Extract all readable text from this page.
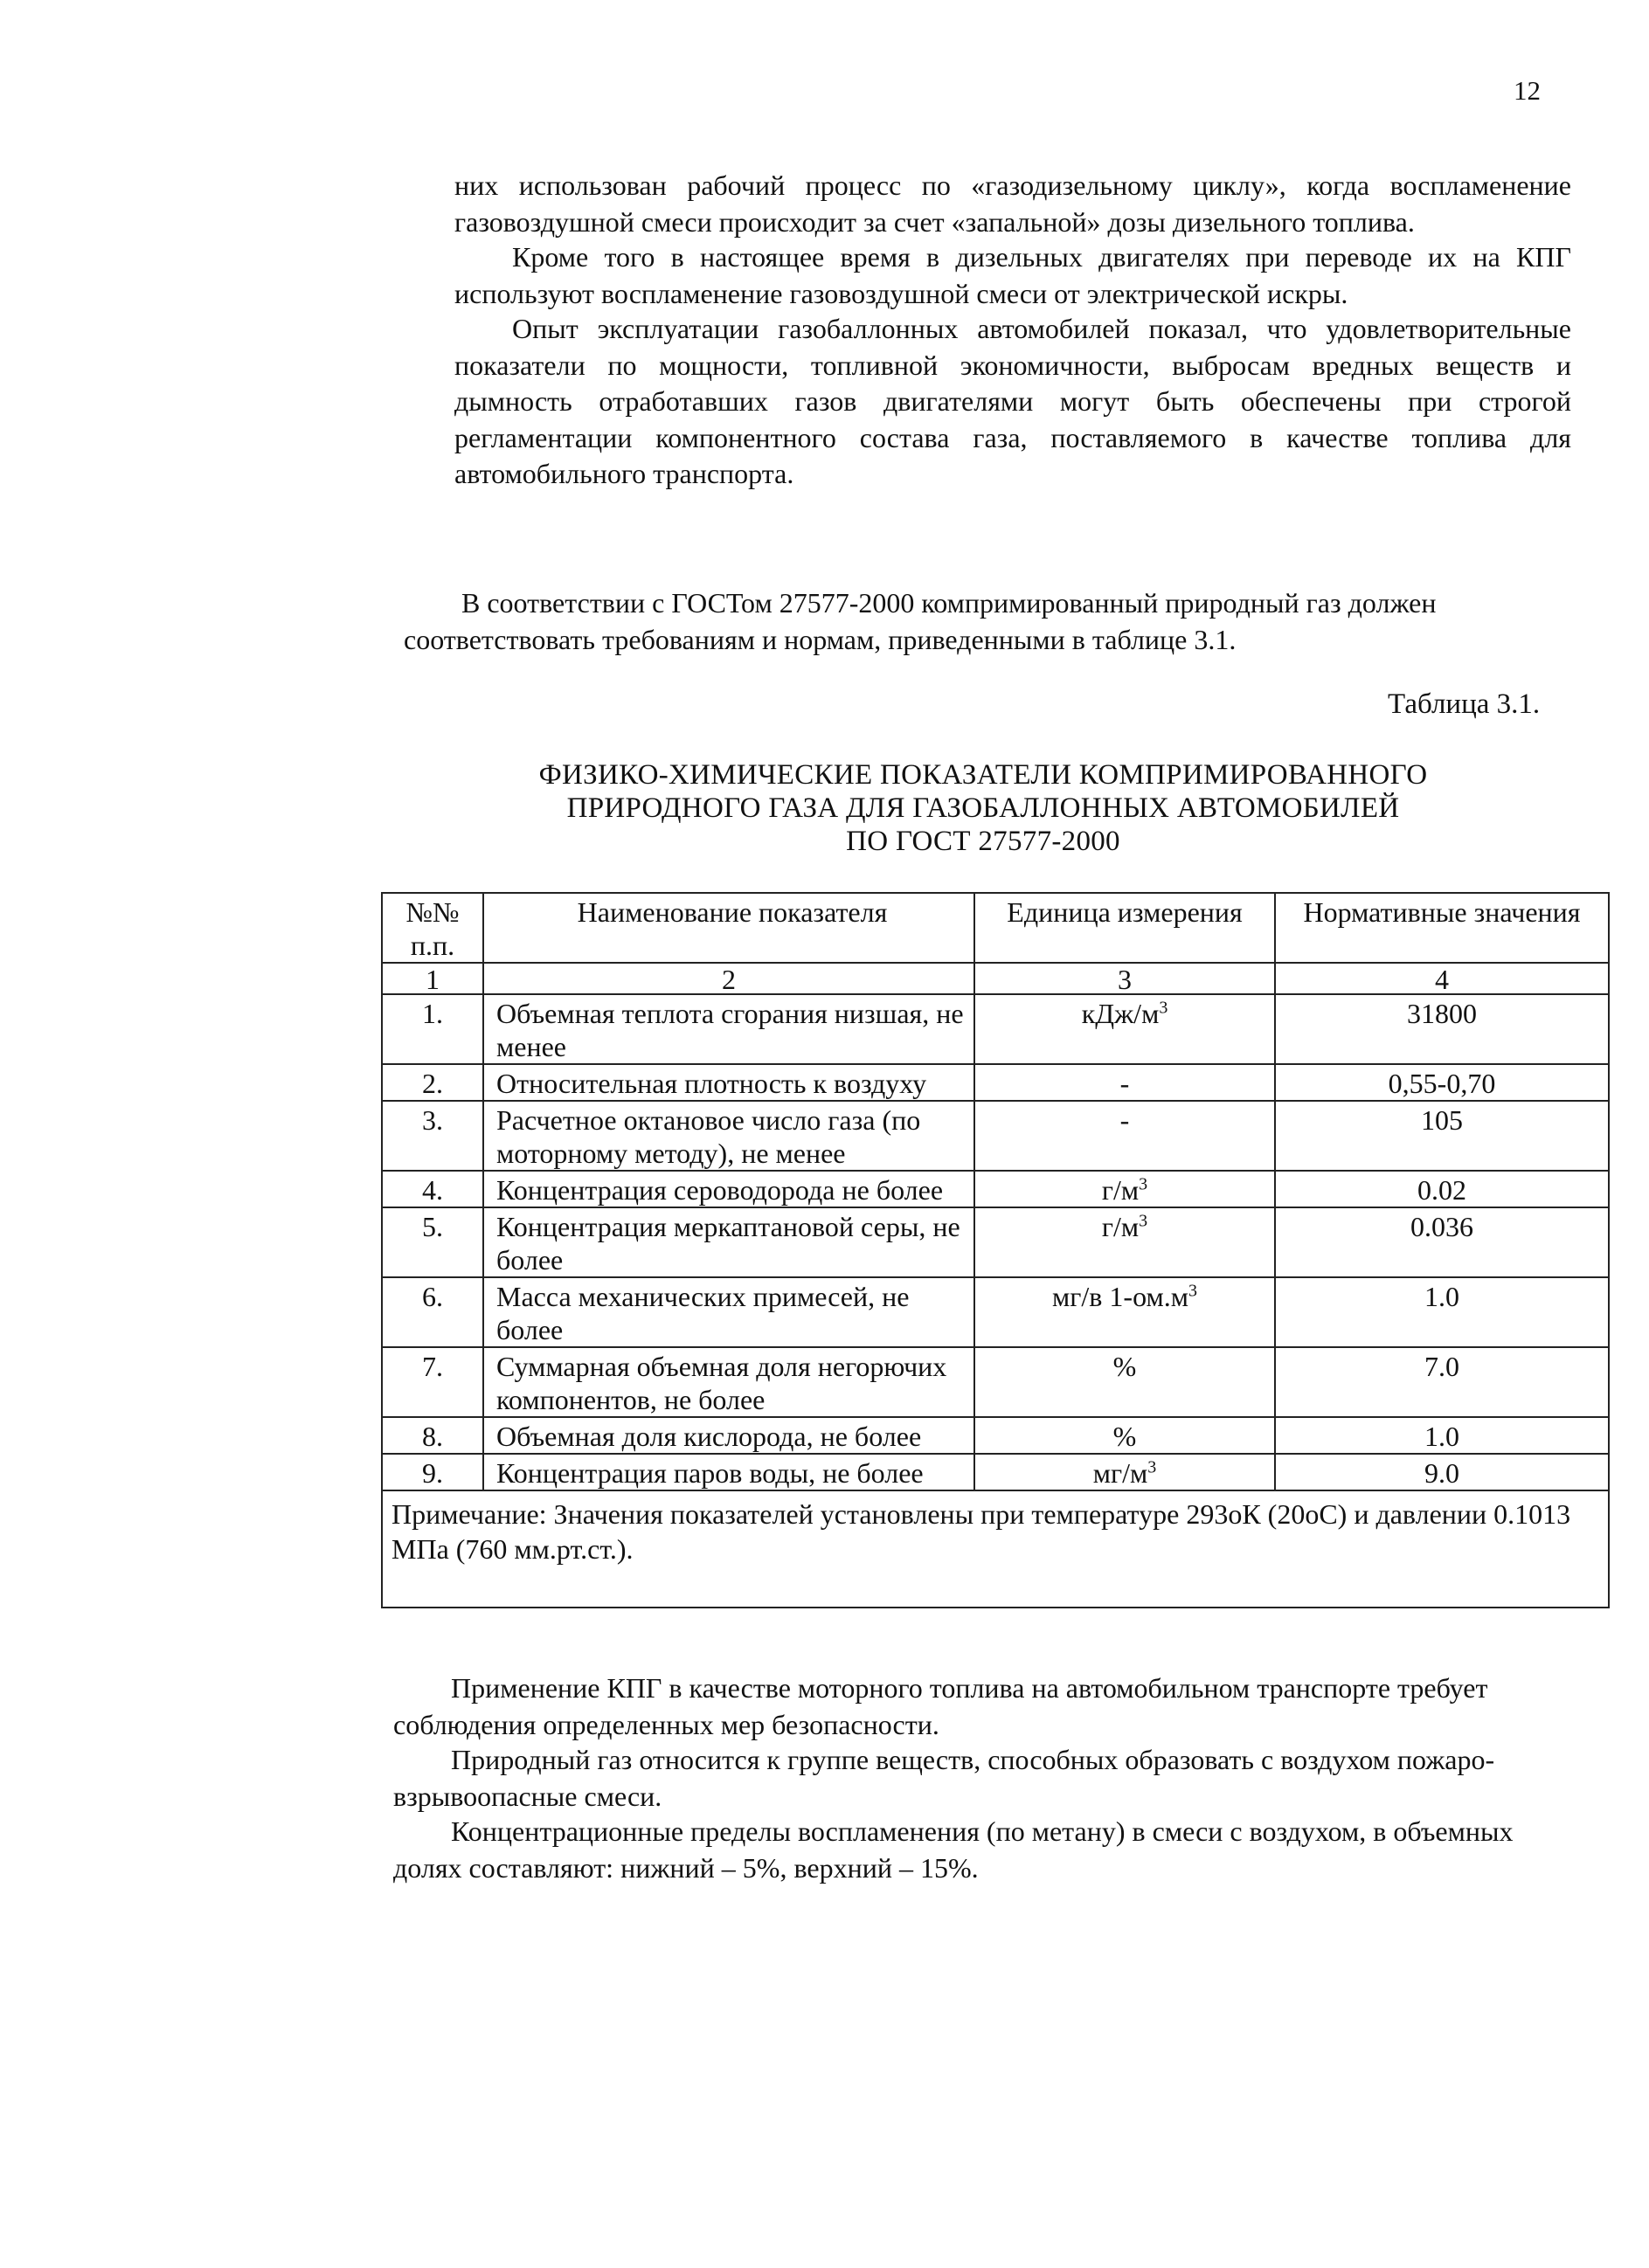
12

них использован рабочий процесс по «газодизельному циклу», когда воспламенение газовоздушной смеси происходит за счет «запальной» дозы дизельного топлива.

Кроме того в настоящее время в дизельных двигателях при переводе их на КПГ используют воспламенение газовоздушной смеси от электрической искры.

Опыт эксплуатации газобаллонных автомобилей показал, что удовлетворительные показатели по мощности, топливной экономичности, выбросам вредных веществ и дымность отработавших газов двигателями могут быть обеспечены при строгой регламентации компонентного состава газа, поставляемого в качестве топлива для автомобильного транспорта.

В соответствии с ГОСТом 27577-2000 компримированный природный газ должен соответствовать требованиям и нормам, приведенными в таблице 3.1.

Таблица 3.1.
ФИЗИКО-ХИМИЧЕСКИЕ ПОКАЗАТЕЛИ КОМПРИМИРОВАННОГО
ПРИРОДНОГО ГАЗА ДЛЯ ГАЗОБАЛЛОННЫХ АВТОМОБИЛЕЙ
ПО ГОСТ 27577-2000
№№ п.п.	Наименование показателя	Единица измерения	Нормативные значения
1	2	3	4
1.	Объемная теплота сгорания низшая, не менее	кДж/$м^3$	31800
2.	Относительная плотность к воздуху	-	0,55-0,70
3.	Расчетное октановое число газа (по моторному методу), не менее	-	105
4.	Концентрация сероводорода не более	$г/м^3$	0.02
5.	Концентрация меркаптановой серы, не более	$г/м^3$	0.036
6.	Масса механических примесей, не более	мг/в $1-ом.м^3$	1.0
7.	Суммарная объемная доля негорючих компонентов, не более	%	7.0
8.	Объемная доля кислорода, не более	%	1.0
9.	Концентрация паров воды, не более	$мг/м^3$	9.0
Примечание: Значения показателей установлены при температуре 293оК (20оС) и давлении 0.1013 МПа (760 мм.рт.ст.).			

Применение КПГ в качестве моторного топлива на автомобильном транспорте требует соблюдения определенных мер безопасности.

Природный газ относится к группе веществ, способных образовать с воздухом пожаро-взрывоопасные смеси.

Концентрационные пределы воспламенения (по метану) в смеси с воздухом, в объемных долях составляют: нижний – 5%, верхний – 15%.
